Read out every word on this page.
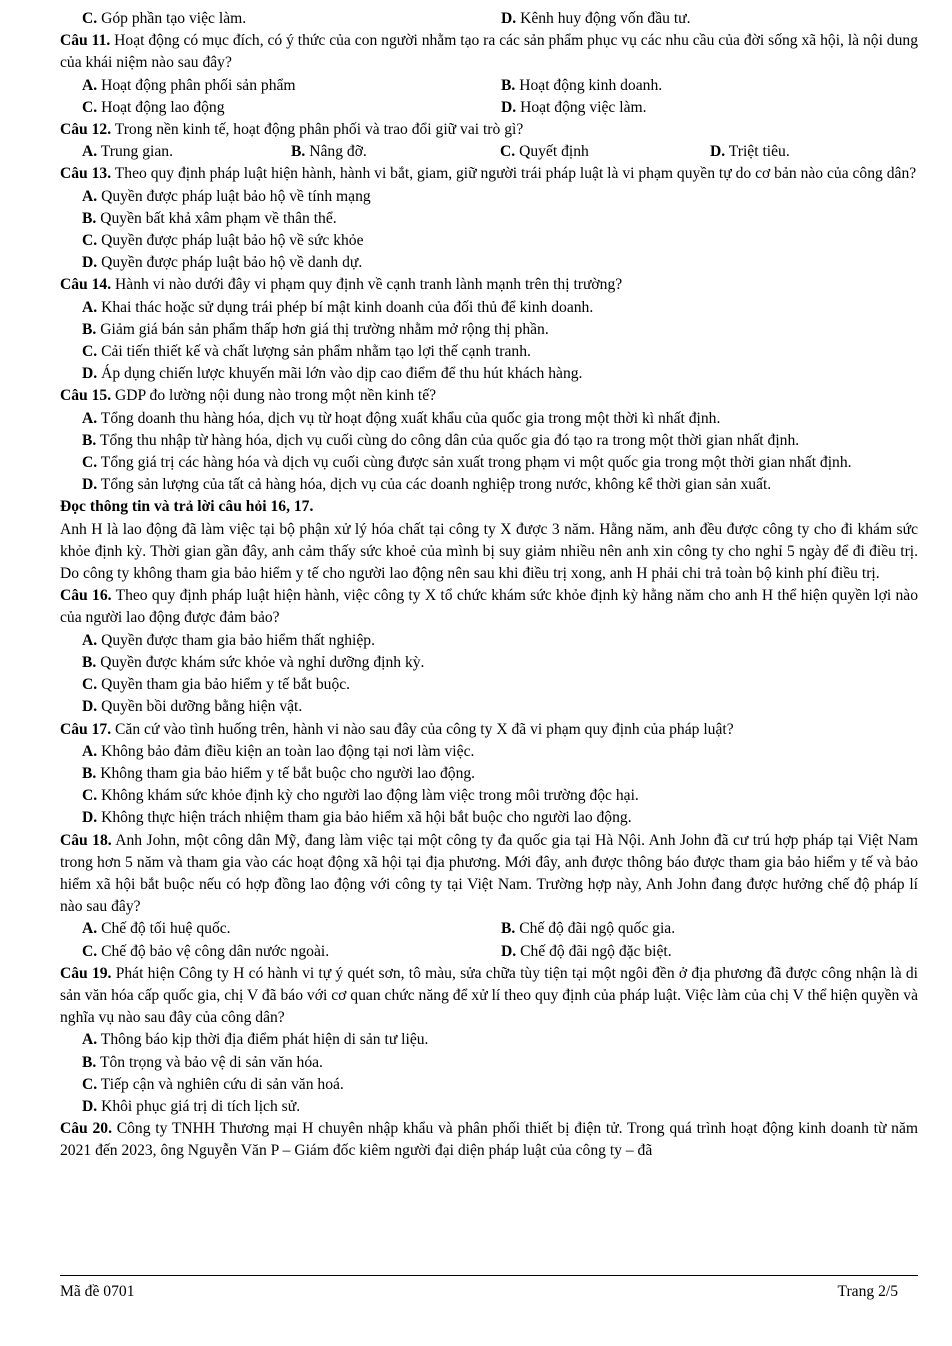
C. Góp phần tạo việc làm.	D. Kênh huy động vốn đầu tư.
Câu 11. Hoạt động có mục đích, có ý thức của con người nhằm tạo ra các sản phẩm phục vụ các nhu cầu của đời sống xã hội, là nội dung của khái niệm nào sau đây?
A. Hoạt động phân phối sản phẩm	B. Hoạt động kinh doanh.
C. Hoạt động lao động	D. Hoạt động việc làm.
Câu 12. Trong nền kinh tế, hoạt động phân phối và trao đổi giữ vai trò gì?
A. Trung gian.	B. Nâng đỡ.	C. Quyết định	D. Triệt tiêu.
Câu 13. Theo quy định pháp luật hiện hành, hành vi bắt, giam, giữ người trái pháp luật là vi phạm quyền tự do cơ bản nào của công dân?
A. Quyền được pháp luật bảo hộ về tính mạng
B. Quyền bất khả xâm phạm về thân thể.
C. Quyền được pháp luật bảo hộ về sức khỏe
D. Quyền được pháp luật bảo hộ về danh dự.
Câu 14. Hành vi nào dưới đây vi phạm quy định về cạnh tranh lành mạnh trên thị trường?
A. Khai thác hoặc sử dụng trái phép bí mật kinh doanh của đối thủ để kinh doanh.
B. Giảm giá bán sản phẩm thấp hơn giá thị trường nhằm mở rộng thị phần.
C. Cải tiến thiết kế và chất lượng sản phẩm nhằm tạo lợi thế cạnh tranh.
D. Áp dụng chiến lược khuyến mãi lớn vào dịp cao điểm để thu hút khách hàng.
Câu 15. GDP đo lường nội dung nào trong một nền kinh tế?
A. Tổng doanh thu hàng hóa, dịch vụ từ hoạt động xuất khẩu của quốc gia trong một thời kì nhất định.
B. Tổng thu nhập từ hàng hóa, dịch vụ cuối cùng do công dân của quốc gia đó tạo ra trong một thời gian nhất định.
C. Tổng giá trị các hàng hóa và dịch vụ cuối cùng được sản xuất trong phạm vi một quốc gia trong một thời gian nhất định.
D. Tổng sản lượng của tất cả hàng hóa, dịch vụ của các doanh nghiệp trong nước, không kể thời gian sản xuất.
Đọc thông tin và trả lời câu hỏi 16, 17.
Anh H là lao động đã làm việc tại bộ phận xử lý hóa chất tại công ty X được 3 năm. Hằng năm, anh đều được công ty cho đi khám sức khỏe định kỳ. Thời gian gần đây, anh cảm thấy sức khoẻ của mình bị suy giảm nhiều nên anh xin công ty cho nghỉ 5 ngày để đi điều trị. Do công ty không tham gia bảo hiểm y tế cho người lao động nên sau khi điều trị xong, anh H phải chi trả toàn bộ kinh phí điều trị.
Câu 16. Theo quy định pháp luật hiện hành, việc công ty X tổ chức khám sức khỏe định kỳ hằng năm cho anh H thể hiện quyền lợi nào của người lao động được đảm bảo?
A. Quyền được tham gia bảo hiểm thất nghiệp.
B. Quyền được khám sức khỏe và nghỉ dưỡng định kỳ.
C. Quyền tham gia bảo hiểm y tế bắt buộc.
D. Quyền bồi dưỡng bằng hiện vật.
Câu 17. Căn cứ vào tình huống trên, hành vi nào sau đây của công ty X đã vi phạm quy định của pháp luật?
A. Không bảo đảm điều kiện an toàn lao động tại nơi làm việc.
B. Không tham gia bảo hiểm y tế bắt buộc cho người lao động.
C. Không khám sức khỏe định kỳ cho người lao động làm việc trong môi trường độc hại.
D. Không thực hiện trách nhiệm tham gia bảo hiểm xã hội bắt buộc cho người lao động.
Câu 18. Anh John, một công dân Mỹ, đang làm việc tại một công ty đa quốc gia tại Hà Nội. Anh John đã cư trú hợp pháp tại Việt Nam trong hơn 5 năm và tham gia vào các hoạt động xã hội tại địa phương. Mới đây, anh được thông báo được tham gia bảo hiểm y tế và bảo hiểm xã hội bắt buộc nếu có hợp đồng lao động với công ty tại Việt Nam. Trường hợp này, Anh John đang được hưởng chế độ pháp lí nào sau đây?
A. Chế độ tối huệ quốc.	B. Chế độ đãi ngộ quốc gia.
C. Chế độ bảo vệ công dân nước ngoài.	D. Chế độ đãi ngộ đặc biệt.
Câu 19. Phát hiện Công ty H có hành vi tự ý quét sơn, tô màu, sửa chữa tùy tiện tại một ngôi đền ở địa phương đã được công nhận là di sản văn hóa cấp quốc gia, chị V đã báo với cơ quan chức năng để xử lí theo quy định của pháp luật. Việc làm của chị V thể hiện quyền và nghĩa vụ nào sau đây của công dân?
A. Thông báo kịp thời địa điểm phát hiện di sản tư liệu.
B. Tôn trọng và bảo vệ di sản văn hóa.
C. Tiếp cận và nghiên cứu di sản văn hoá.
D. Khôi phục giá trị di tích lịch sử.
Câu 20. Công ty TNHH Thương mại H chuyên nhập khẩu và phân phối thiết bị điện tử. Trong quá trình hoạt động kinh doanh từ năm 2021 đến 2023, ông Nguyễn Văn P – Giám đốc kiêm người đại diện pháp luật của công ty – đã
Mã đề 0701	Trang 2/5
